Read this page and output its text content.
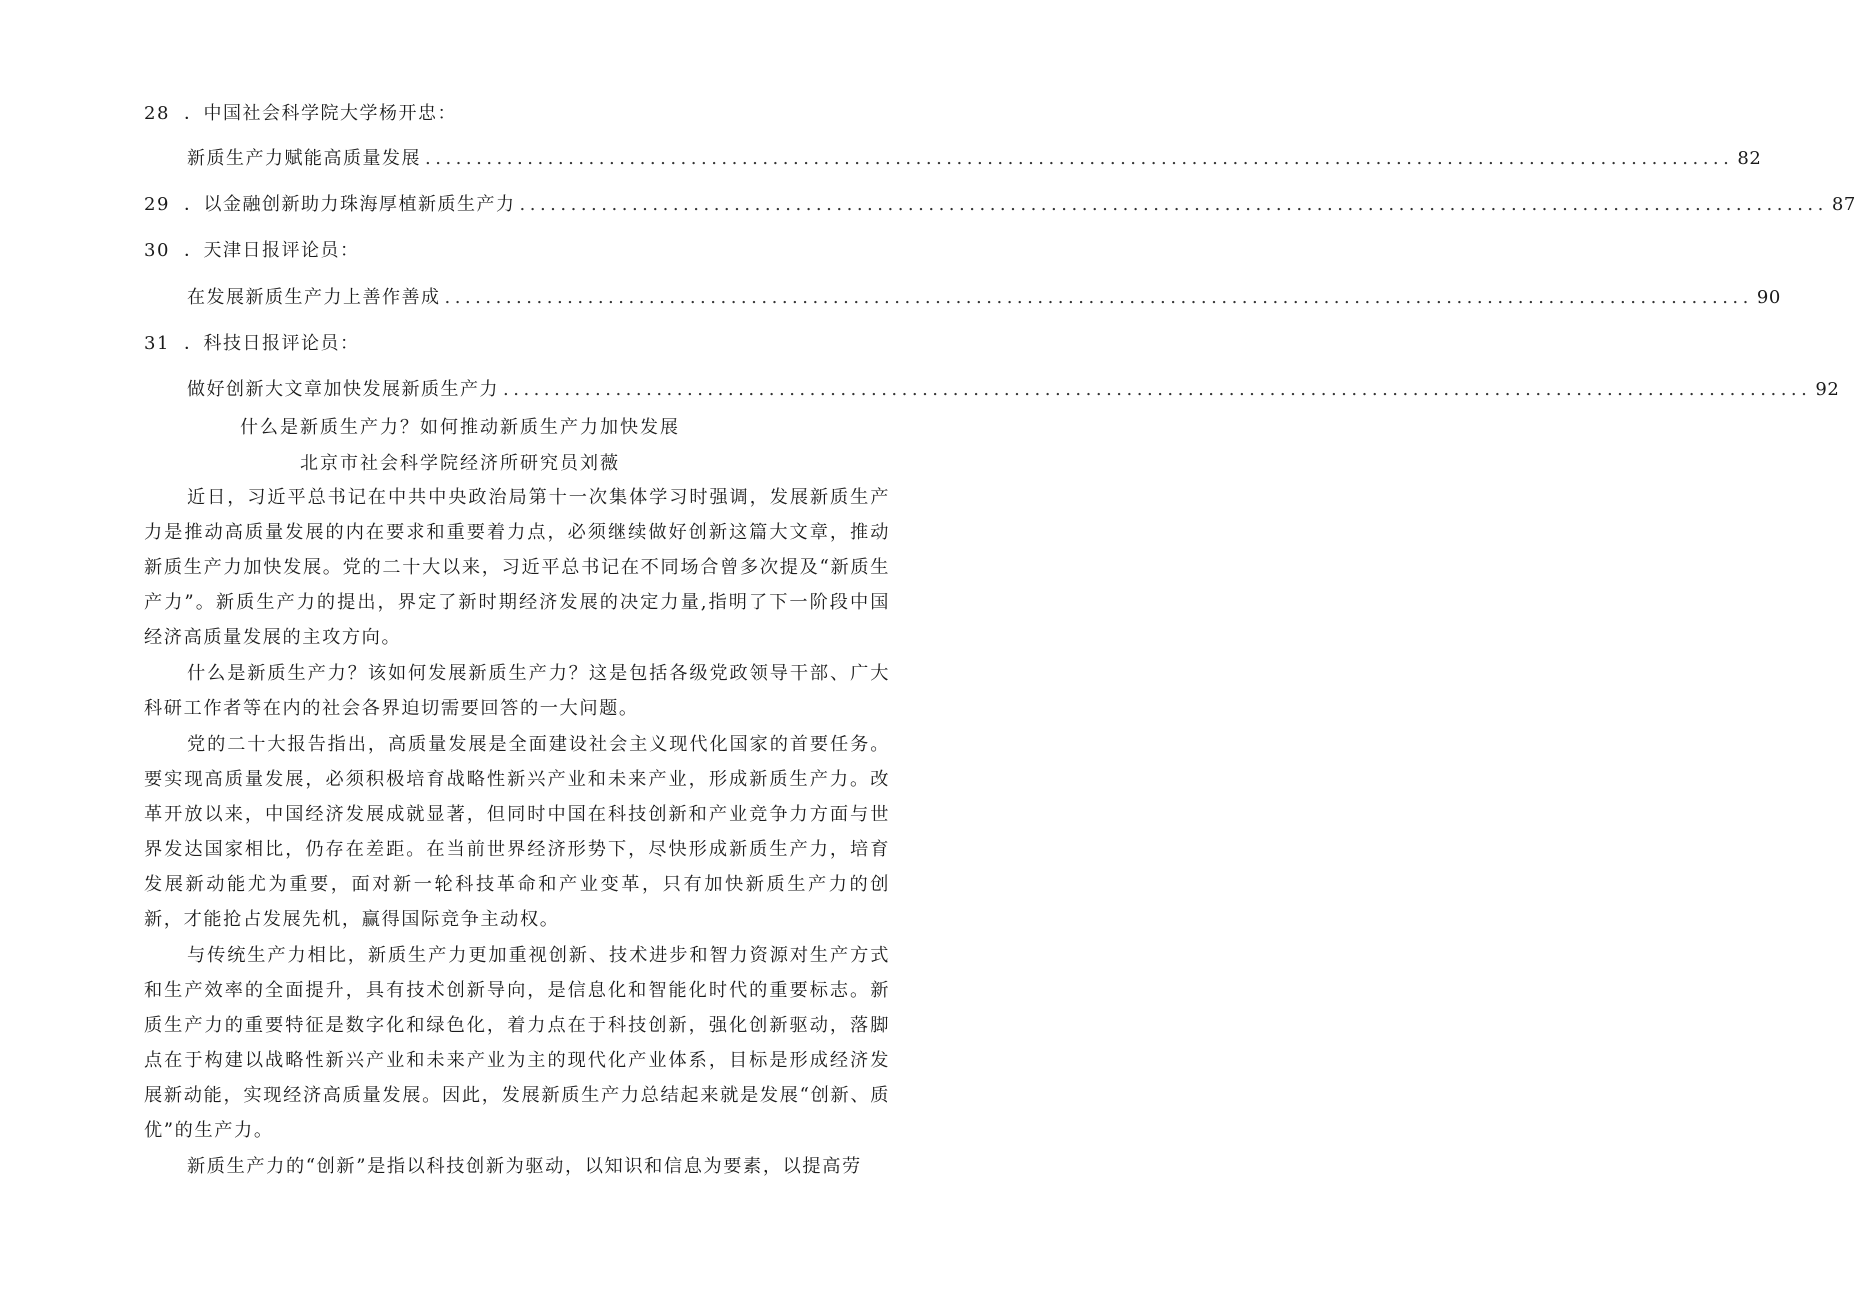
28 ．中国社会科学院大学杨开忠：
新质生产力赋能高质量发展 ................................................................................................................................ 82
29 ．以金融创新助力珠海厚植新质生产力 ................................................................................................................................ 87
30 ．天津日报评论员：
在发展新质生产力上善作善成 ................................................................................................................................ 90
31 ．科技日报评论员：
做好创新大文章加快发展新质生产力 ................................................................................................................................ 92
什么是新质生产力？如何推动新质生产力加快发展
北京市社会科学院经济所研究员刘薇

近日，习近平总书记在中共中央政治局第十一次集体学习时强调，发展新质生产力是推动高质量发展的内在要求和重要着力点，必须继续做好创新这篇大文章，推动新质生产力加快发展。党的二十大以来，习近平总书记在不同场合曾多次提及“新质生产力”。新质生产力的提出，界定了新时期经济发展的决定力量,指明了下一阶段中国经济高质量发展的主攻方向。

什么是新质生产力？该如何发展新质生产力？这是包括各级党政领导干部、广大科研工作者等在内的社会各界迫切需要回答的一大问题。

党的二十大报告指出，高质量发展是全面建设社会主义现代化国家的首要任务。要实现高质量发展，必须积极培育战略性新兴产业和未来产业，形成新质生产力。改革开放以来，中国经济发展成就显著，但同时中国在科技创新和产业竞争力方面与世界发达国家相比，仍存在差距。在当前世界经济形势下，尽快形成新质生产力，培育发展新动能尤为重要，面对新一轮科技革命和产业变革，只有加快新质生产力的创新，才能抢占发展先机，赢得国际竞争主动权。

与传统生产力相比，新质生产力更加重视创新、技术进步和智力资源对生产方式和生产效率的全面提升，具有技术创新导向，是信息化和智能化时代的重要标志。新质生产力的重要特征是数字化和绿色化，着力点在于科技创新，强化创新驱动，落脚点在于构建以战略性新兴产业和未来产业为主的现代化产业体系，目标是形成经济发展新动能，实现经济高质量发展。因此，发展新质生产力总结起来就是发展“创新、质优”的生产力。

新质生产力的“创新”是指以科技创新为驱动，以知识和信息为要素，以提高劳
